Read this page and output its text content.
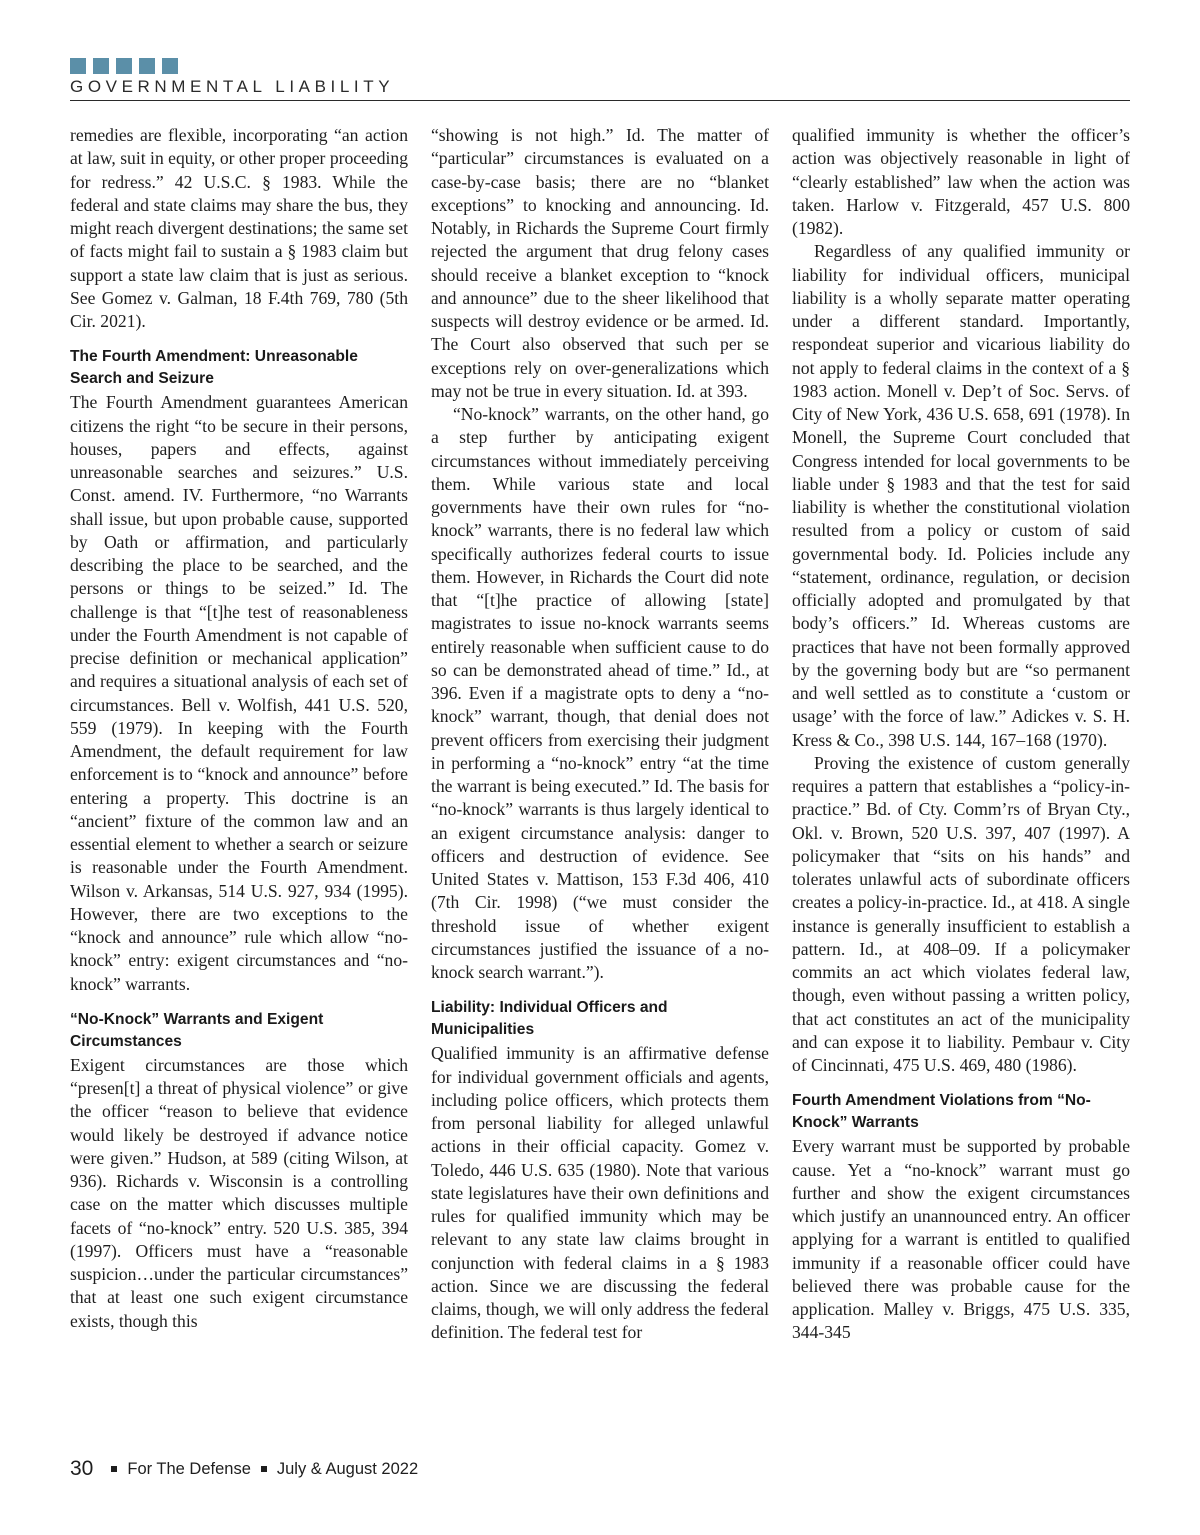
GOVERNMENTAL LIABILITY

remedies are flexible, incorporating “an action at law, suit in equity, or other proper proceeding for redress.” 42 U.S.C. § 1983. While the federal and state claims may share the bus, they might reach divergent destinations; the same set of facts might fail to sustain a § 1983 claim but support a state law claim that is just as serious. See Gomez v. Galman, 18 F.4th 769, 780 (5th Cir. 2021).

The Fourth Amendment: Unreasonable Search and Seizure

The Fourth Amendment guarantees American citizens the right “to be secure in their persons, houses, papers and effects, against unreasonable searches and seizures.” U.S. Const. amend. IV. Furthermore, “no Warrants shall issue, but upon probable cause, supported by Oath or affirmation, and particularly describing the place to be searched, and the persons or things to be seized.” Id. The challenge is that “[t]he test of reasonableness under the Fourth Amendment is not capable of precise definition or mechanical application” and requires a situational analysis of each set of circumstances. Bell v. Wolfish, 441 U.S. 520, 559 (1979). In keeping with the Fourth Amendment, the default requirement for law enforcement is to “knock and announce” before entering a property. This doctrine is an “ancient” fixture of the common law and an essential element to whether a search or seizure is reasonable under the Fourth Amendment. Wilson v. Arkansas, 514 U.S. 927, 934 (1995). However, there are two exceptions to the “knock and announce” rule which allow “no-knock” entry: exigent circumstances and “no-knock” warrants.

“No-Knock” Warrants and Exigent Circumstances

Exigent circumstances are those which “presen[t] a threat of physical violence” or give the officer “reason to believe that evidence would likely be destroyed if advance notice were given.” Hudson, at 589 (citing Wilson, at 936). Richards v. Wisconsin is a controlling case on the matter which discusses multiple facets of “no-knock” entry. 520 U.S. 385, 394 (1997). Officers must have a “reasonable suspicion…under the particular circumstances” that at least one such exigent circumstance exists, though this

“showing is not high.” Id. The matter of “particular” circumstances is evaluated on a case-by-case basis; there are no “blanket exceptions” to knocking and announcing. Id. Notably, in Richards the Supreme Court firmly rejected the argument that drug felony cases should receive a blanket exception to “knock and announce” due to the sheer likelihood that suspects will destroy evidence or be armed. Id. The Court also observed that such per se exceptions rely on over-generalizations which may not be true in every situation. Id. at 393.

“No-knock” warrants, on the other hand, go a step further by anticipating exigent circumstances without immediately perceiving them. While various state and local governments have their own rules for “no-knock” warrants, there is no federal law which specifically authorizes federal courts to issue them. However, in Richards the Court did note that “[t]he practice of allowing [state] magistrates to issue no-knock warrants seems entirely reasonable when sufficient cause to do so can be demonstrated ahead of time.” Id., at 396. Even if a magistrate opts to deny a “no-knock” warrant, though, that denial does not prevent officers from exercising their judgment in performing a “no-knock” entry “at the time the warrant is being executed.” Id. The basis for “no-knock” warrants is thus largely identical to an exigent circumstance analysis: danger to officers and destruction of evidence. See United States v. Mattison, 153 F.3d 406, 410 (7th Cir. 1998) (“we must consider the threshold issue of whether exigent circumstances justified the issuance of a no-knock search warrant.”).

Liability: Individual Officers and Municipalities

Qualified immunity is an affirmative defense for individual government officials and agents, including police officers, which protects them from personal liability for alleged unlawful actions in their official capacity. Gomez v. Toledo, 446 U.S. 635 (1980). Note that various state legislatures have their own definitions and rules for qualified immunity which may be relevant to any state law claims brought in conjunction with federal claims in a § 1983 action. Since we are discussing the federal claims, though, we will only address the federal definition. The federal test for

qualified immunity is whether the officer’s action was objectively reasonable in light of “clearly established” law when the action was taken. Harlow v. Fitzgerald, 457 U.S. 800 (1982).

Regardless of any qualified immunity or liability for individual officers, municipal liability is a wholly separate matter operating under a different standard. Importantly, respondeat superior and vicarious liability do not apply to federal claims in the context of a § 1983 action. Monell v. Dep’t of Soc. Servs. of City of New York, 436 U.S. 658, 691 (1978). In Monell, the Supreme Court concluded that Congress intended for local governments to be liable under § 1983 and that the test for said liability is whether the constitutional violation resulted from a policy or custom of said governmental body. Id. Policies include any “statement, ordinance, regulation, or decision officially adopted and promulgated by that body’s officers.” Id. Whereas customs are practices that have not been formally approved by the governing body but are “so permanent and well settled as to constitute a ‘custom or usage’ with the force of law.” Adickes v. S. H. Kress & Co., 398 U.S. 144, 167–168 (1970).

Proving the existence of custom generally requires a pattern that establishes a “policy-in-practice.” Bd. of Cty. Comm’rs of Bryan Cty., Okl. v. Brown, 520 U.S. 397, 407 (1997). A policymaker that “sits on his hands” and tolerates unlawful acts of subordinate officers creates a policy-in-practice. Id., at 418. A single instance is generally insufficient to establish a pattern. Id., at 408–09. If a policymaker commits an act which violates federal law, though, even without passing a written policy, that act constitutes an act of the municipality and can expose it to liability. Pembaur v. City of Cincinnati, 475 U.S. 469, 480 (1986).

Fourth Amendment Violations from “No-Knock” Warrants

Every warrant must be supported by probable cause. Yet a “no-knock” warrant must go further and show the exigent circumstances which justify an unannounced entry. An officer applying for a warrant is entitled to qualified immunity if a reasonable officer could have believed there was probable cause for the application. Malley v. Briggs, 475 U.S. 335, 344-345

30 For The Defense July & August 2022
